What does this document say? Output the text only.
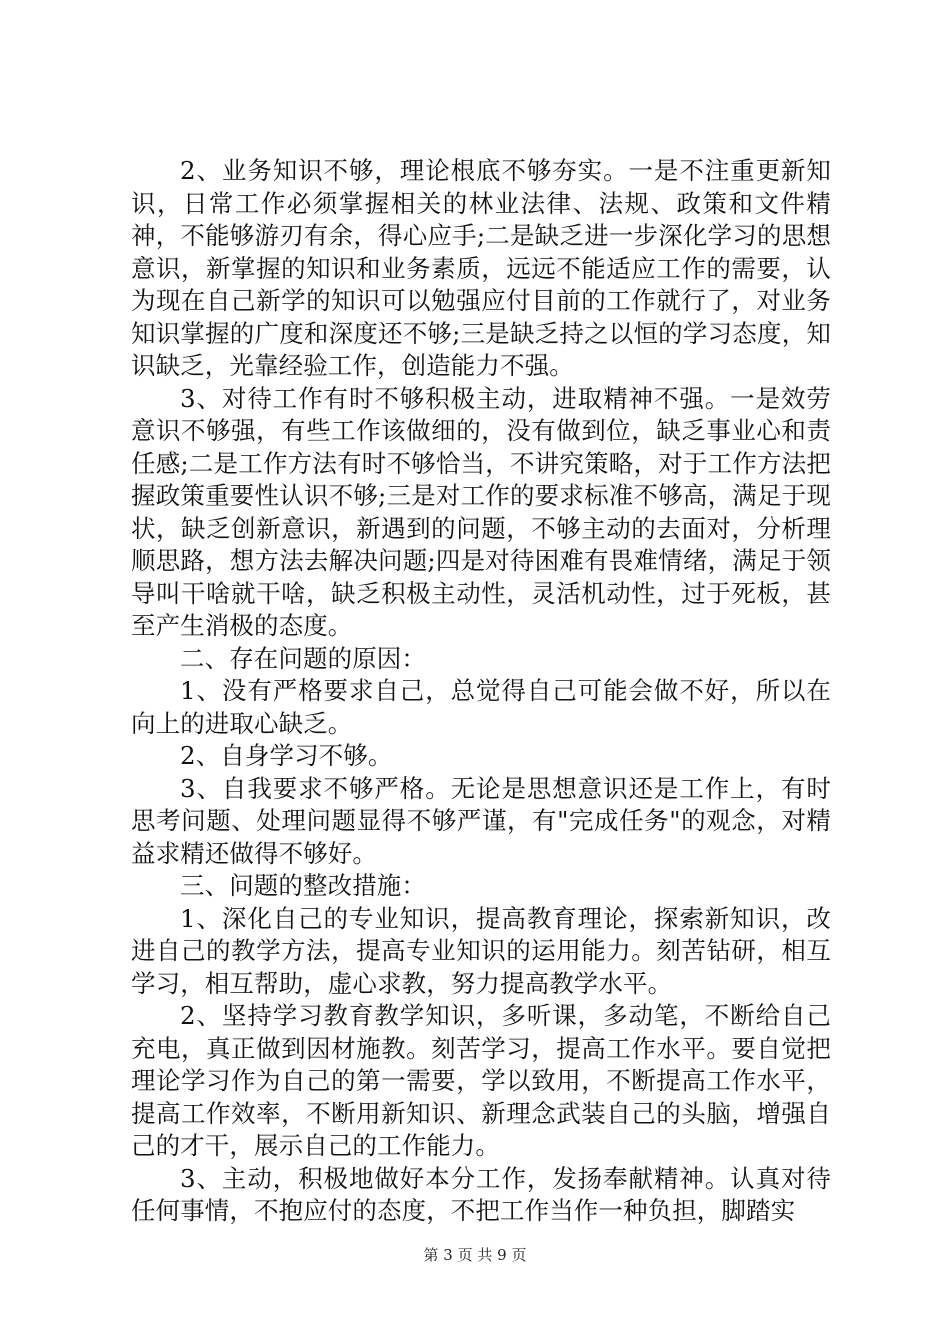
2、业务知识不够，理论根底不够夯实。一是不注重更新知识，日常工作必须掌握相关的林业法律、法规、政策和文件精神，不能够游刃有余，得心应手;二是缺乏进一步深化学习的思想意识，新掌握的知识和业务素质，远远不能适应工作的需要，认为现在自己新学的知识可以勉强应付目前的工作就行了，对业务知识掌握的广度和深度还不够;三是缺乏持之以恒的学习态度，知识缺乏，光靠经验工作，创造能力不强。

3、对待工作有时不够积极主动，进取精神不强。一是效劳意识不够强，有些工作该做细的，没有做到位，缺乏事业心和责任感;二是工作方法有时不够恰当，不讲究策略，对于工作方法把握政策重要性认识不够;三是对工作的要求标准不够高，满足于现状，缺乏创新意识，新遇到的问题，不够主动的去面对，分析理顺思路，想方法去解决问题;四是对待困难有畏难情绪，满足于领导叫干啥就干啥，缺乏积极主动性，灵活机动性，过于死板，甚至产生消极的态度。

二、存在问题的原因：

1、没有严格要求自己，总觉得自己可能会做不好，所以在向上的进取心缺乏。

2、自身学习不够。

3、自我要求不够严格。无论是思想意识还是工作上，有时思考问题、处理问题显得不够严谨，有"完成任务"的观念，对精益求精还做得不够好。

三、问题的整改措施：

1、深化自己的专业知识，提高教育理论，探索新知识，改进自己的教学方法，提高专业知识的运用能力。刻苦钻研，相互学习，相互帮助，虚心求教，努力提高教学水平。

2、坚持学习教育教学知识，多听课，多动笔，不断给自己充电，真正做到因材施教。刻苦学习，提高工作水平。要自觉把理论学习作为自己的第一需要，学以致用，不断提高工作水平，提高工作效率，不断用新知识、新理念武装自己的头脑，增强自己的才干，展示自己的工作能力。

3、主动，积极地做好本分工作，发扬奉献精神。认真对待任何事情，不抱应付的态度，不把工作当作一种负担，脚踏实

第 3 页 共 9 页
